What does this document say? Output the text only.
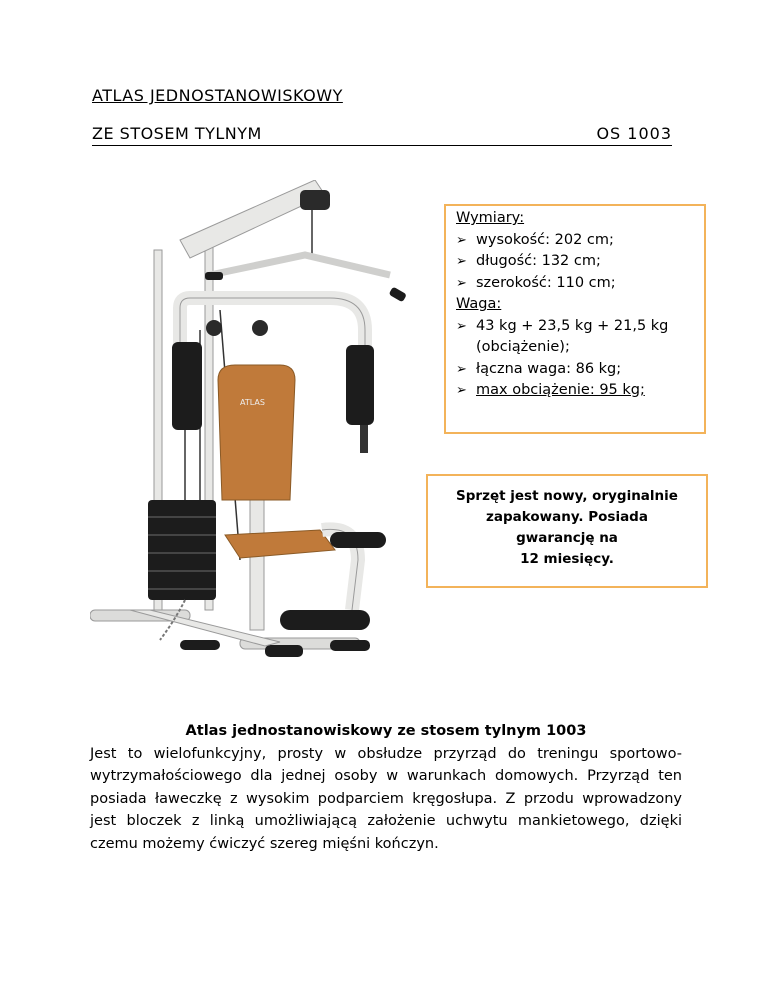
ATLAS JEDNOSTANOWISKOWY
ZE STOSEM TYLNYM	OS 1003
ATLAS
Wymiary:
➢ wysokość: 202 cm;
➢ długość: 132 cm;
➢ szerokość: 110 cm;
Waga:
➢ 43 kg + 23,5 kg + 21,5 kg
(obciążenie);
➢ łączna waga: 86 kg;
➢ max obciążenie: 95 kg;
Sprzęt jest nowy, oryginalnie
zapakowany. Posiada
gwarancję na
12 miesięcy.
Atlas jednostanowiskowy ze stosem tylnym 1003
Jest to wielofunkcyjny, prosty w obsłudze przyrząd do treningu sportowo-wytrzymałościowego dla jednej osoby w warunkach domowych. Przyrząd ten posiada ławeczkę z wysokim podparciem kręgosłupa. Z przodu wprowadzony jest bloczek z linką umożliwiającą założenie uchwytu mankietowego, dzięki czemu możemy ćwiczyć szereg mięśni kończyn.
